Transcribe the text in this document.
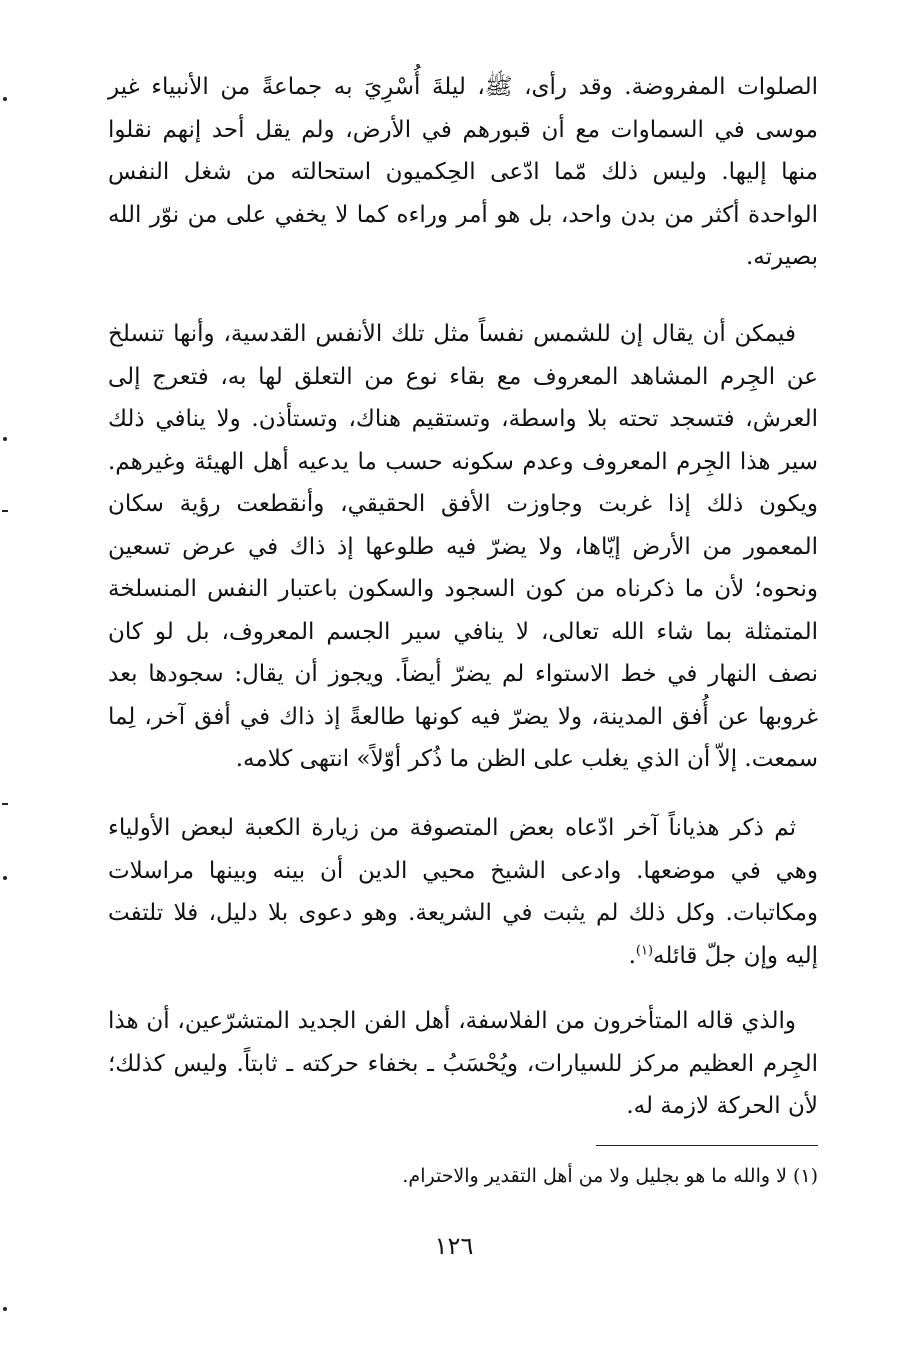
الصلوات المفروضة. وقد رأى، ﷺ، ليلةَ أُسْرِيَ به جماعةً من الأنبياء غير موسى في السماوات مع أن قبورهم في الأرض، ولم يقل أحد إنهم نقلوا منها إليها. وليس ذلك مّما ادّعى الحِكميون استحالته من شغل النفس الواحدة أكثر من بدن واحد، بل هو أمر وراءه كما لا يخفي على من نوّر الله بصيرته.

فيمكن أن يقال إن للشمس نفساً مثل تلك الأنفس القدسية، وأنها تنسلخ عن الجِرم المشاهد المعروف مع بقاء نوع من التعلق لها به، فتعرج إلى العرش، فتسجد تحته بلا واسطة، وتستقيم هناك، وتستأذن. ولا ينافي ذلك سير هذا الجِرم المعروف وعدم سكونه حسب ما يدعيه أهل الهيئة وغيرهم. ويكون ذلك إذا غربت وجاوزت الأفق الحقيقي، وأنقطعت رؤية سكان المعمور من الأرض إيّاها، ولا يضرّ فيه طلوعها إذ ذاك في عرض تسعين ونحوه؛ لأن ما ذكرناه من كون السجود والسكون باعتبار النفس المنسلخة المتمثلة بما شاء الله تعالى، لا ينافي سير الجسم المعروف، بل لو كان نصف النهار في خط الاستواء لم يضرّ أيضاً. ويجوز أن يقال: سجودها بعد غروبها عن أُفق المدينة، ولا يضرّ فيه كونها طالعةً إذ ذاك في أفق آخر، لِما سمعت. إلاّ أن الذي يغلب على الظن ما ذُكر أوّلاً» انتهى كلامه.

ثم ذكر هذياناً آخر ادّعاه بعض المتصوفة من زيارة الكعبة لبعض الأولياء وهي في موضعها. وادعى الشيخ محيي الدين أن بينه وبينها مراسلات ومكاتبات. وكل ذلك لم يثبت في الشريعة. وهو دعوى بلا دليل، فلا تلتفت إليه وإن جلّ قائله$^{(١)}$.

والذي قاله المتأخرون من الفلاسفة، أهل الفن الجديد المتشرّعين، أن هذا الجِرم العظيم مركز للسيارات، ويُحْسَبُ ـ بخفاء حركته ـ ثابتاً. وليس كذلك؛ لأن الحركة لازمة له.

(١) لا والله ما هو بجليل ولا من أهل التقدير والاحترام.
١٢٦
